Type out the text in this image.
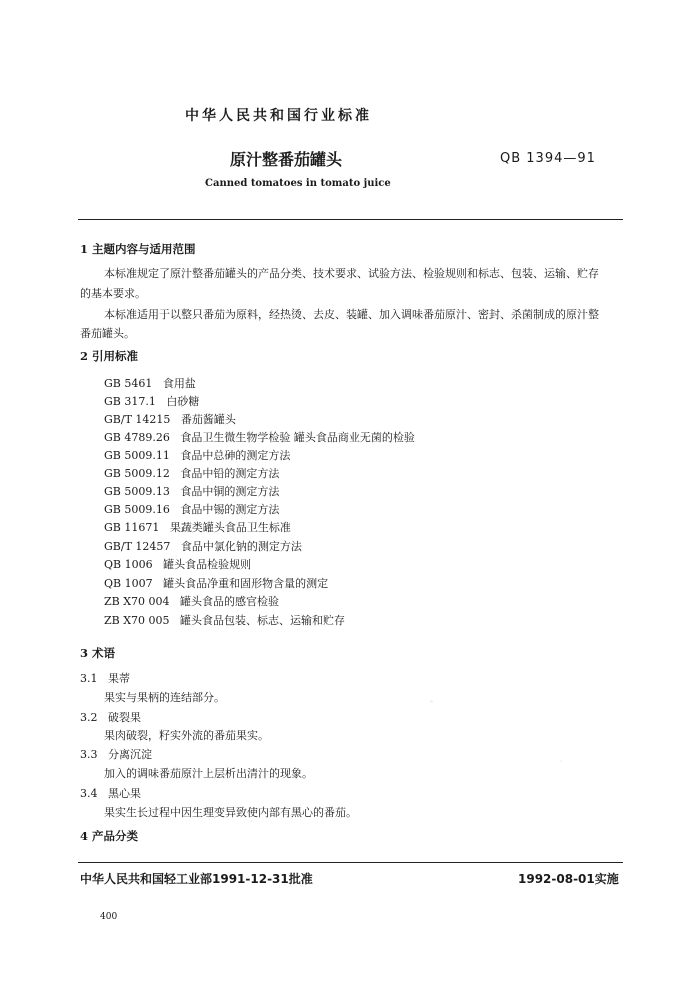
中华人民共和国行业标准
原汁整番茄罐头	QB 1394—91
Canned tomatoes in tomato juice
1 主题内容与适用范围
本标准规定了原汁整番茄罐头的产品分类、技术要求、试验方法、检验规则和标志、包装、运输、贮存
的基本要求。
本标准适用于以整只番茄为原料，经热烫、去皮、装罐、加入调味番茄原汁、密封、杀菌制成的原汁整
番茄罐头。
2 引用标准
GB 5461 食用盐
GB 317.1 白砂糖
GB/T 14215 番茄酱罐头
GB 4789.26 食品卫生微生物学检验 罐头食品商业无菌的检验
GB 5009.11 食品中总砷的测定方法
GB 5009.12 食品中铅的测定方法
GB 5009.13 食品中铜的测定方法
GB 5009.16 食品中锡的测定方法
GB 11671 果蔬类罐头食品卫生标准
GB/T 12457 食品中氯化钠的测定方法
QB 1006 罐头食品检验规则
QB 1007 罐头食品净重和固形物含量的测定
ZB X70 004 罐头食品的感官检验
ZB X70 005 罐头食品包装、标志、运输和贮存
3 术语
3.1 果蒂
果实与果柄的连结部分。
3.2 破裂果
果肉破裂，籽实外流的番茄果实。
3.3 分离沉淀
加入的调味番茄原汁上层析出清汁的现象。
3.4 黑心果
果实生长过程中因生理变异致使内部有黑心的番茄。
4 产品分类
中华人民共和国轻工业部1991-12-31批准	1992-08-01实施
400
